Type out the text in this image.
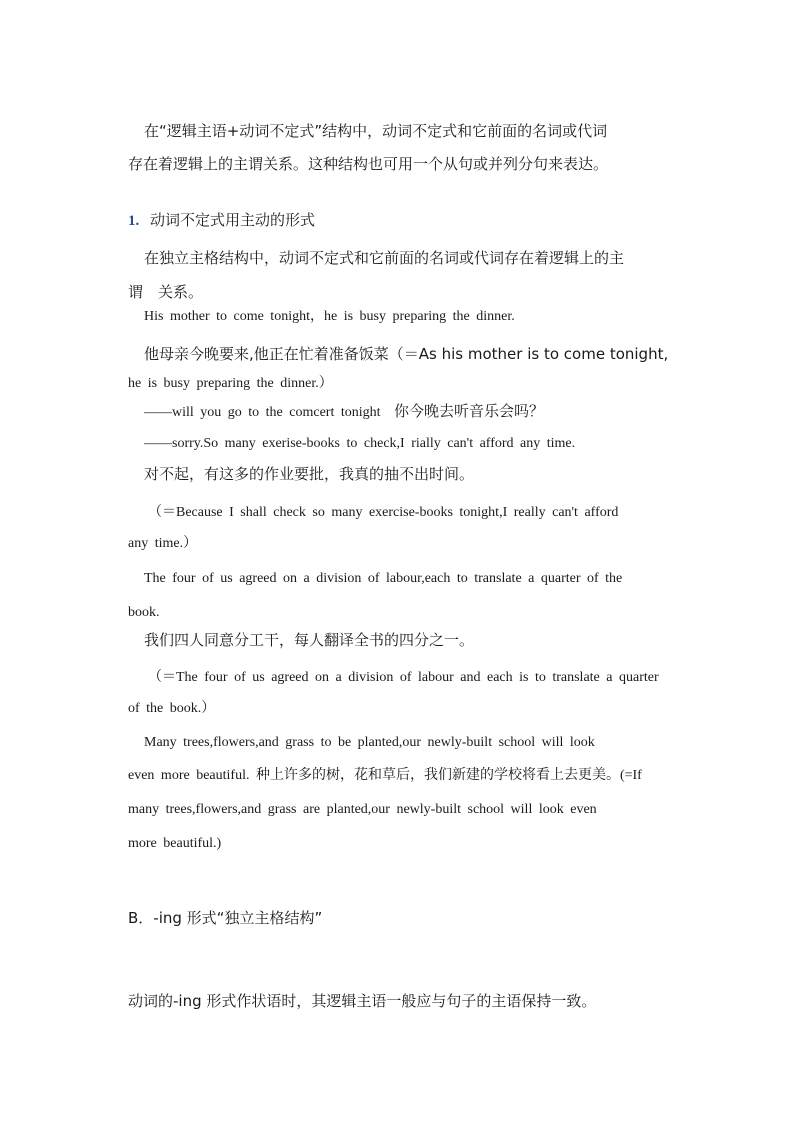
在“逻辑主语+动词不定式”结构中，动词不定式和它前面的名词或代词
存在着逻辑上的主谓关系。这种结构也可用一个从句或并列分句来表达。
1. 动词不定式用主动的形式
在独立主格结构中，动词不定式和它前面的名词或代词存在着逻辑上的主
谓　关系。
His mother to come tonight，he is busy preparing the dinner.
他母亲今晚要来,他正在忙着准备饭菜（＝As his mother is to come tonight,
he is busy preparing the dinner.）
——will you go to the comcert tonight 你今晚去听音乐会吗？
——sorry.So many exerise-books to check,I rially can't afford any time.
对不起，有这多的作业要批，我真的抽不出时间。
（＝Because I shall check so many exercise-books tonight,I really can't afford
any time.）
The four of us agreed on a division of labour,each to translate a quarter of the
book.
我们四人同意分工干，每人翻译全书的四分之一。
（＝The four of us agreed on a division of labour and each is to translate a quarter
of the book.）
Many trees,flowers,and grass to be planted,our newly-built school will look
even more beautiful. 种上许多的树，花和草后，我们新建的学校将看上去更美。(=If
many trees,flowers,and grass are planted,our newly-built school will look even
more beautiful.)
B．-ing 形式“独立主格结构”
动词的-ing 形式作状语时，其逻辑主语一般应与句子的主语保持一致。
